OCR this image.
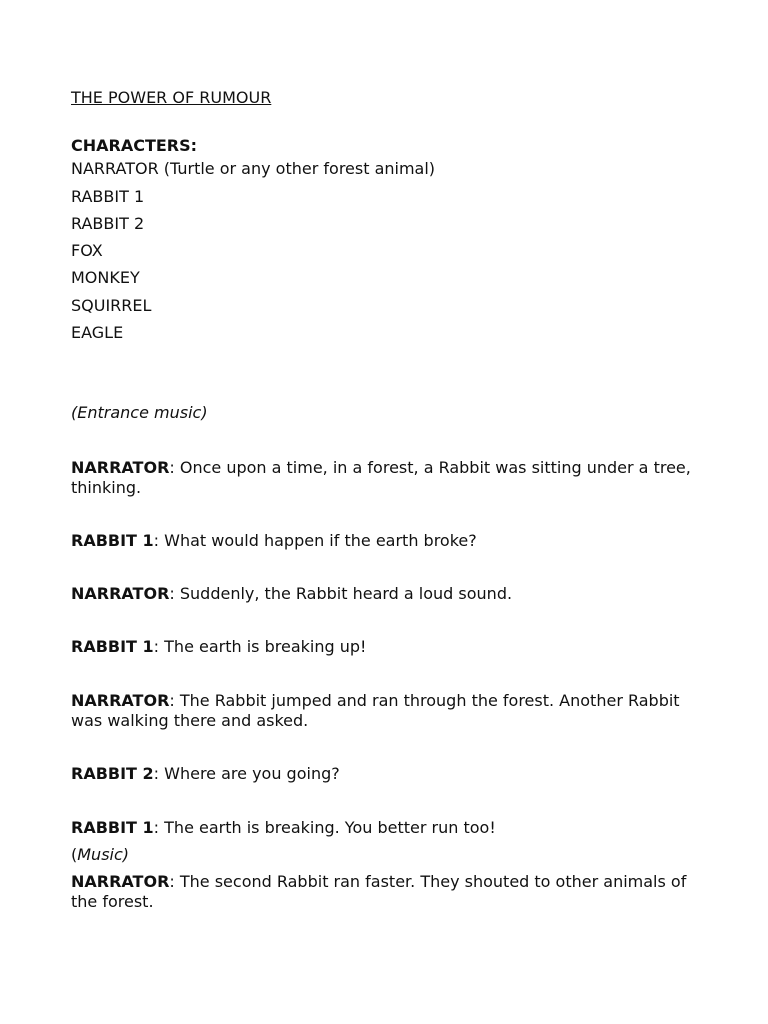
THE POWER OF RUMOUR
CHARACTERS:
NARRATOR (Turtle or any other forest animal)
RABBIT 1
RABBIT 2
FOX
MONKEY
SQUIRREL
EAGLE
(Entrance music)
NARRATOR: Once upon a time, in a forest, a Rabbit was sitting under a tree, thinking.
RABBIT 1: What would happen if the earth broke?
NARRATOR: Suddenly, the Rabbit heard a loud sound.
RABBIT 1: The earth is breaking up!
NARRATOR: The Rabbit jumped and ran through the forest. Another Rabbit was walking there and asked.
RABBIT 2: Where are you going?
RABBIT 1: The earth is breaking. You better run too!
(Music)
NARRATOR: The second Rabbit ran faster. They shouted to other animals of the forest.
